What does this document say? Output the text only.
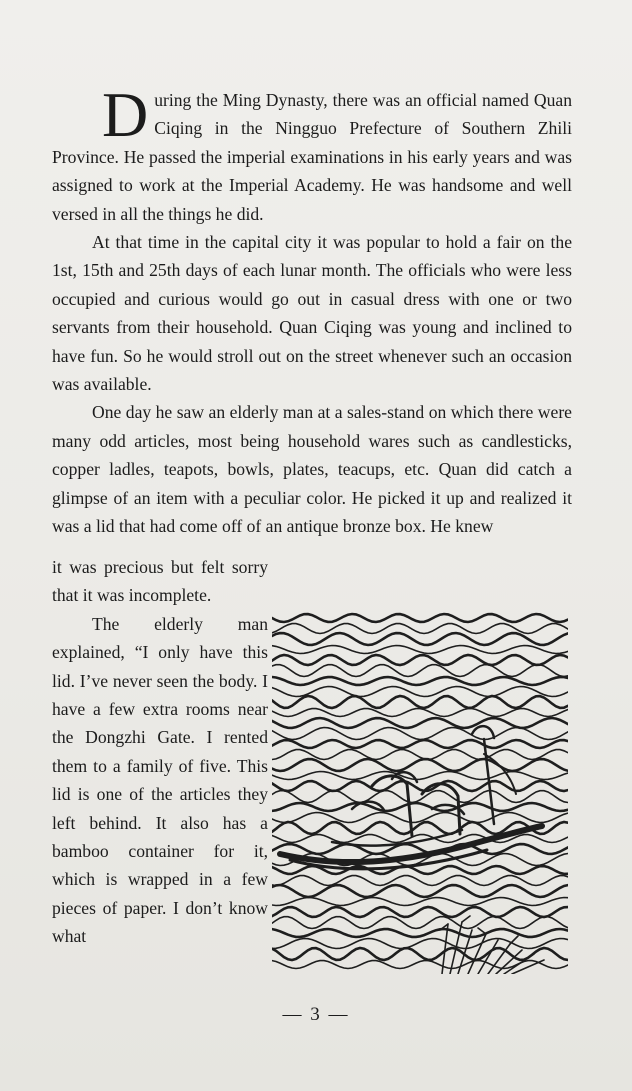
During the Ming Dynasty, there was an official named Quan Ciqing in the Ningguo Prefecture of Southern Zhili Province. He passed the imperial examinations in his early years and was assigned to work at the Imperial Academy. He was handsome and well versed in all the things he did.

At that time in the capital city it was popular to hold a fair on the 1st, 15th and 25th days of each lunar month. The officials who were less occupied and curious would go out in casual dress with one or two servants from their household. Quan Ciqing was young and inclined to have fun. So he would stroll out on the street whenever such an occasion was available.

One day he saw an elderly man at a sales-stand on which there were many odd articles, most being household wares such as candlesticks, copper ladles, teapots, bowls, plates, teacups, etc. Quan did catch a glimpse of an item with a peculiar color. He picked it up and realized it was a lid that had come off of an antique bronze box. He knew

it was precious but felt sorry that it was incomplete.

The elderly man explained, “I only have this lid. I’ve never seen the body. I have a few extra rooms near the Dongzhi Gate. I rented them to a family of five. This lid is one of the articles they left behind. It also has a bamboo container for it, which is wrapped in a few pieces of paper. I don’t know what

— 3 —
